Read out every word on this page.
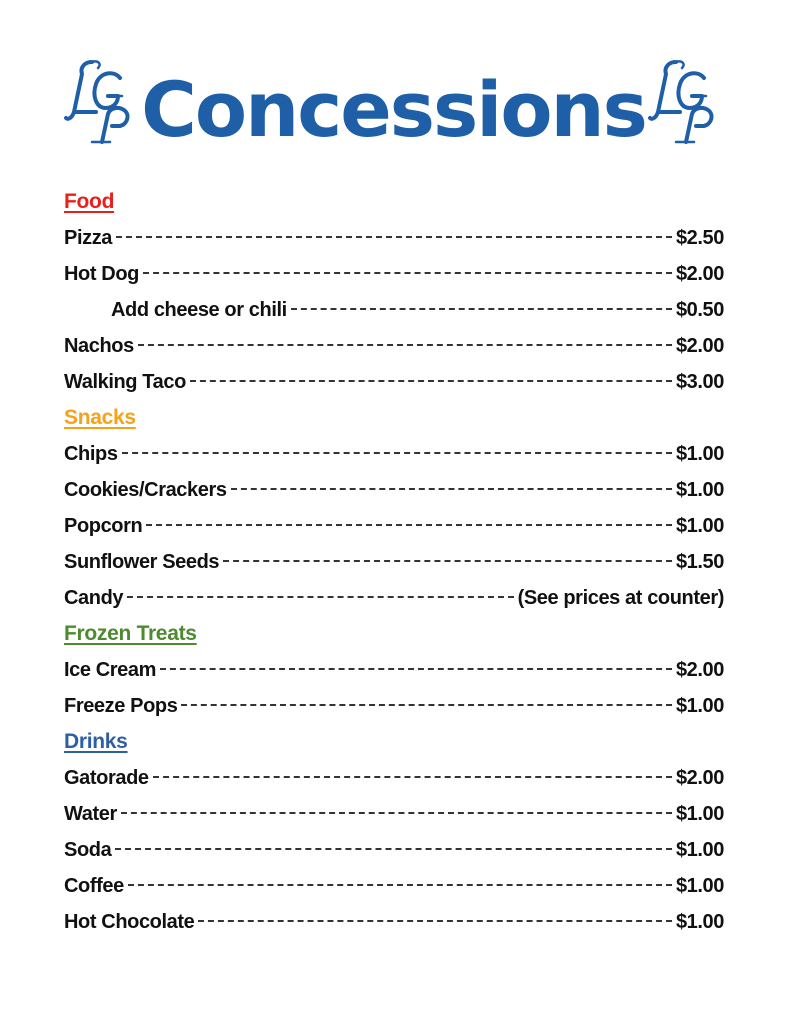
Concessions
Food
Pizza	$2.50
Hot Dog	$2.00
Add cheese or chili	$0.50
Nachos	$2.00
Walking Taco	$3.00
Snacks
Chips	$1.00
Cookies/Crackers	$1.00
Popcorn	$1.00
Sunflower Seeds	$1.50
Candy	(See prices at counter)
Frozen Treats
Ice Cream	$2.00
Freeze Pops	$1.00
Drinks
Gatorade	$2.00
Water	$1.00
Soda	$1.00
Coffee	$1.00
Hot Chocolate	$1.00
